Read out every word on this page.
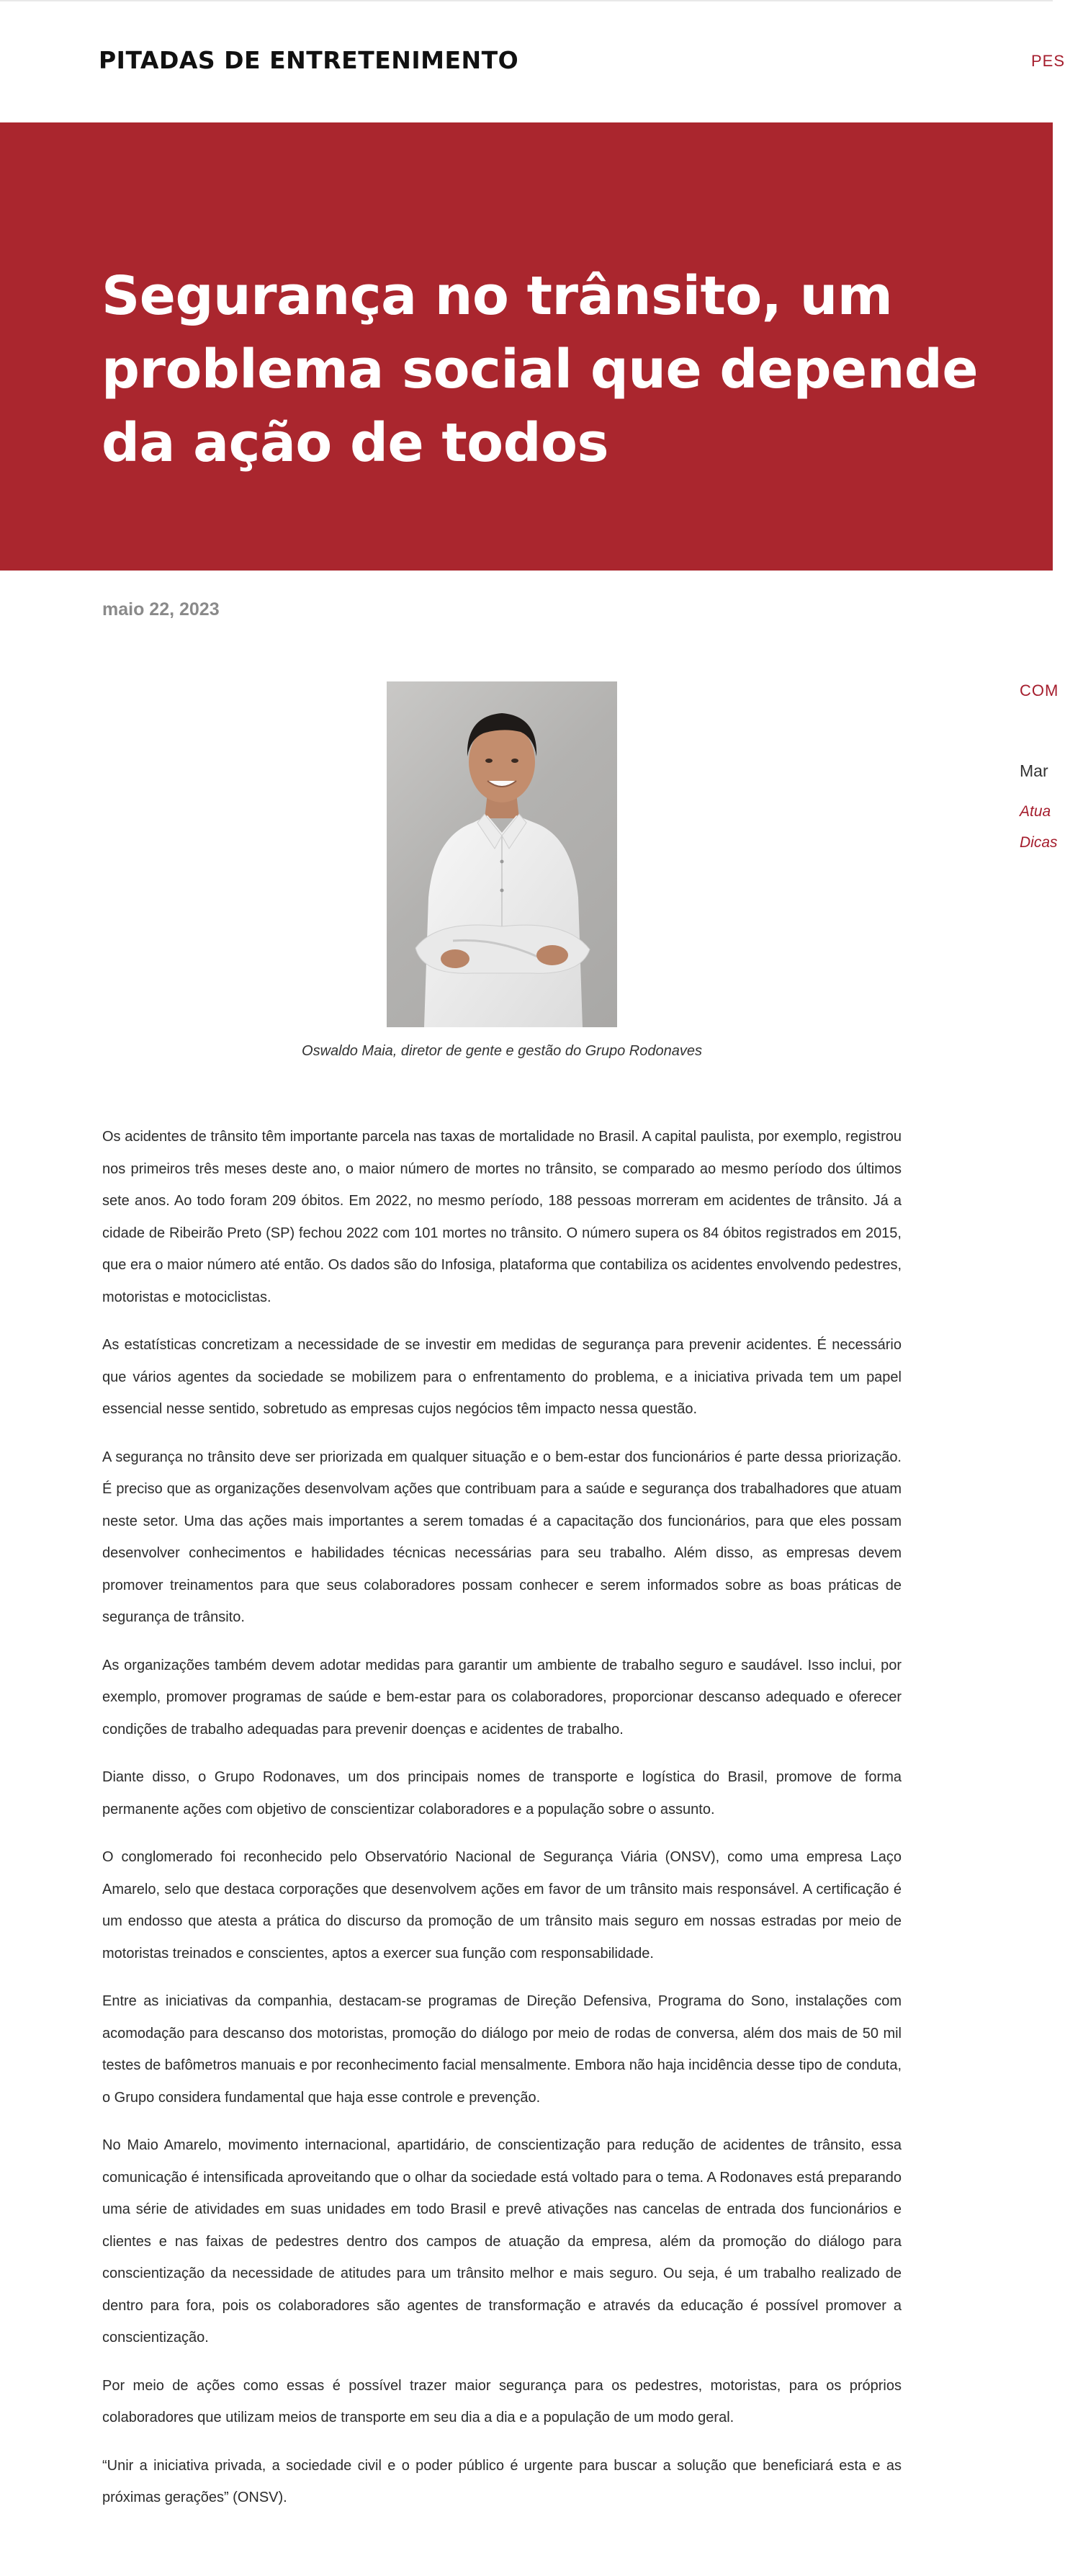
PITADAS DE ENTRETENIMENTO	PES
Segurança no trânsito, um problema social que depende da ação de todos
maio 22, 2023
Oswaldo Maia, diretor de gente e gestão do Grupo Rodonaves

Os acidentes de trânsito têm importante parcela nas taxas de mortalidade no Brasil. A capital paulista, por exemplo, registrou nos primeiros três meses deste ano, o maior número de mortes no trânsito, se comparado ao mesmo período dos últimos sete anos. Ao todo foram 209 óbitos. Em 2022, no mesmo período, 188 pessoas morreram em acidentes de trânsito. Já a cidade de Ribeirão Preto (SP) fechou 2022 com 101 mortes no trânsito. O número supera os 84 óbitos registrados em 2015, que era o maior número até então. Os dados são do Infosiga, plataforma que contabiliza os acidentes envolvendo pedestres, motoristas e motociclistas.

As estatísticas concretizam a necessidade de se investir em medidas de segurança para prevenir acidentes. É necessário que vários agentes da sociedade se mobilizem para o enfrentamento do problema, e a iniciativa privada tem um papel essencial nesse sentido, sobretudo as empresas cujos negócios têm impacto nessa questão.

A segurança no trânsito deve ser priorizada em qualquer situação e o bem-estar dos funcionários é parte dessa priorização. É preciso que as organizações desenvolvam ações que contribuam para a saúde e segurança dos trabalhadores que atuam neste setor. Uma das ações mais importantes a serem tomadas é a capacitação dos funcionários, para que eles possam desenvolver conhecimentos e habilidades técnicas necessárias para seu trabalho. Além disso, as empresas devem promover treinamentos para que seus colaboradores possam conhecer e serem informados sobre as boas práticas de segurança de trânsito.

As organizações também devem adotar medidas para garantir um ambiente de trabalho seguro e saudável. Isso inclui, por exemplo, promover programas de saúde e bem-estar para os colaboradores, proporcionar descanso adequado e oferecer condições de trabalho adequadas para prevenir doenças e acidentes de trabalho.

Diante disso, o Grupo Rodonaves, um dos principais nomes de transporte e logística do Brasil, promove de forma permanente ações com objetivo de conscientizar colaboradores e a população sobre o assunto.

O conglomerado foi reconhecido pelo Observatório Nacional de Segurança Viária (ONSV), como uma empresa Laço Amarelo, selo que destaca corporações que desenvolvem ações em favor de um trânsito mais responsável. A certificação é um endosso que atesta a prática do discurso da promoção de um trânsito mais seguro em nossas estradas por meio de motoristas treinados e conscientes, aptos a exercer sua função com responsabilidade.

Entre as iniciativas da companhia, destacam-se programas de Direção Defensiva, Programa do Sono, instalações com acomodação para descanso dos motoristas, promoção do diálogo por meio de rodas de conversa, além dos mais de 50 mil testes de bafômetros manuais e por reconhecimento facial mensalmente. Embora não haja incidência desse tipo de conduta, o Grupo considera fundamental que haja esse controle e prevenção.

No Maio Amarelo, movimento internacional, apartidário, de conscientização para redução de acidentes de trânsito, essa comunicação é intensificada aproveitando que o olhar da sociedade está voltado para o tema. A Rodonaves está preparando uma série de atividades em suas unidades em todo Brasil e prevê ativações nas cancelas de entrada dos funcionários e clientes e nas faixas de pedestres dentro dos campos de atuação da empresa, além da promoção do diálogo para conscientização da necessidade de atitudes para um trânsito melhor e mais seguro. Ou seja, é um trabalho realizado de dentro para fora, pois os colaboradores são agentes de transformação e através da educação é possível promover a conscientização.

Por meio de ações como essas é possível trazer maior segurança para os pedestres, motoristas, para os próprios colaboradores que utilizam meios de transporte em seu dia a dia e a população de um modo geral.

“Unir a iniciativa privada, a sociedade civil e o poder público é urgente para buscar a solução que beneficiará esta e as próximas gerações” (ONSV).

COM
Mar
Atua
Dicas
